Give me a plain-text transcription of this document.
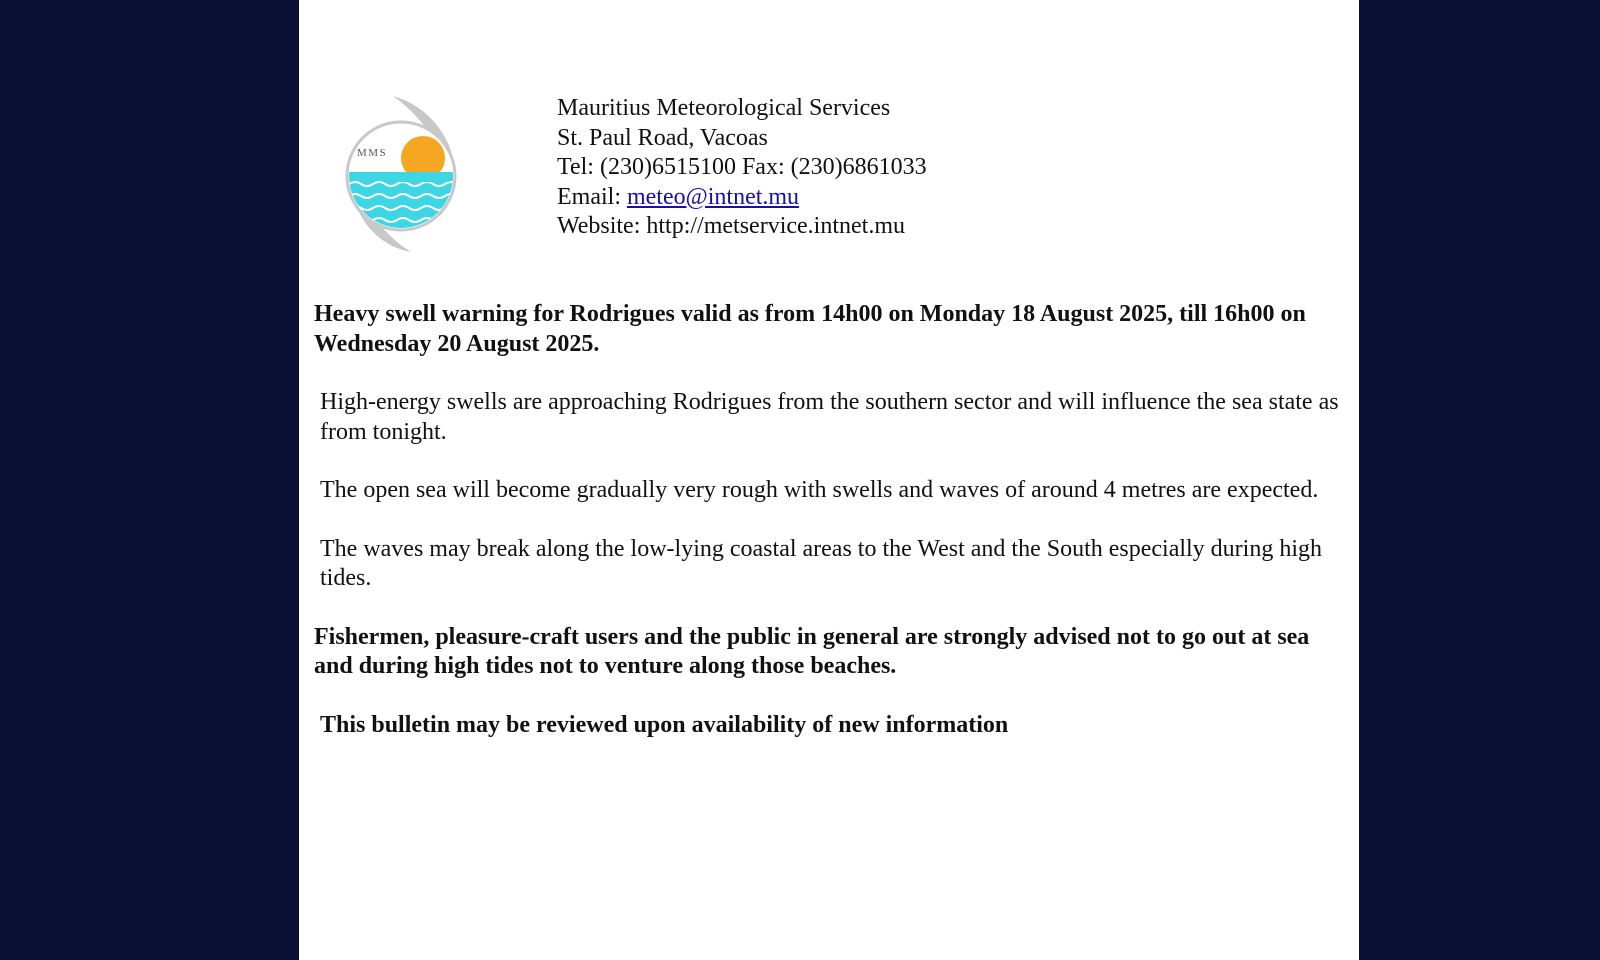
MMS
Mauritius Meteorological Services
St. Paul Road, Vacoas
Tel: (230)6515100 Fax: (230)6861033
Email: meteo@intnet.mu
Website: http://metservice.intnet.mu

Heavy swell warning for Rodrigues valid as from 14h00 on Monday 18 August 2025, till 16h00 on Wednesday 20 August 2025.

High-energy swells are approaching Rodrigues from the southern sector and will influence the sea state as from tonight.

The open sea will become gradually very rough with swells and waves of around 4 metres are expected.

The waves may break along the low-lying coastal areas to the West and the South especially during high tides.

Fishermen, pleasure-craft users and the public in general are strongly advised not to go out at sea and during high tides not to venture along those beaches.

This bulletin may be reviewed upon availability of new information
